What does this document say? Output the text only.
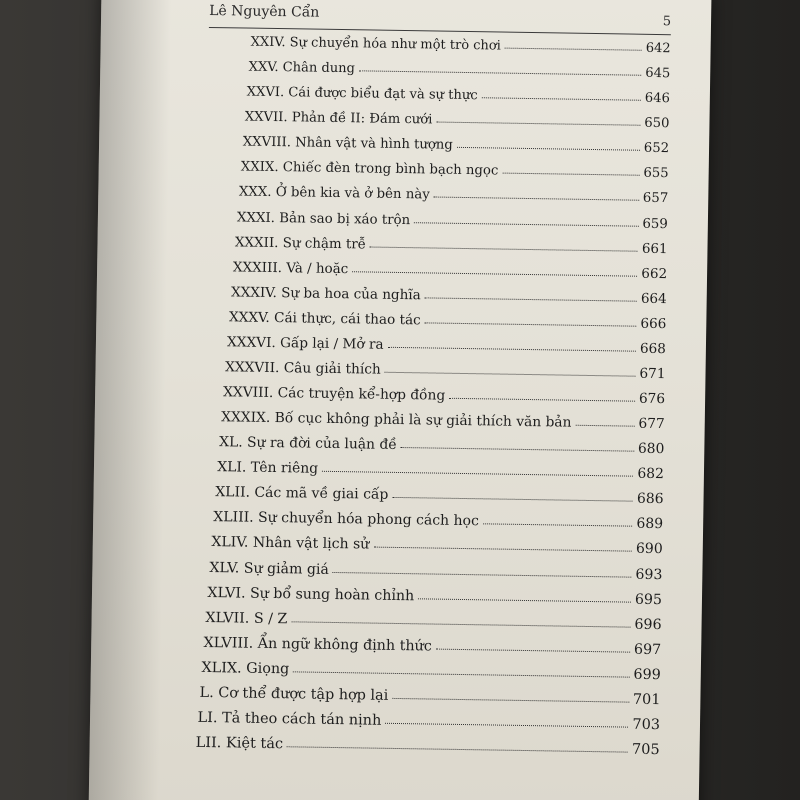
Lê Nguyên Cẩn
5
XXIV. Sự chuyển hóa như một trò chơi	642
XXV. Chân dung	645
XXVI. Cái được biểu đạt và sự thực	646
XXVII. Phản đề II: Đám cưới	650
XXVIII. Nhân vật và hình tượng	652
XXIX. Chiếc đèn trong bình bạch ngọc	655
XXX. Ở bên kia và ở bên này	657
XXXI. Bản sao bị xáo trộn	659
XXXII. Sự chậm trễ	661
XXXIII. Và / hoặc	662
XXXIV. Sự ba hoa của nghĩa	664
XXXV. Cái thực, cái thao tác	666
XXXVI. Gấp lại / Mở ra	668
XXXVII. Câu giải thích	671
XXVIII. Các truyện kể-hợp đồng	676
XXXIX. Bố cục không phải là sự giải thích văn bản	677
XL. Sự ra đời của luận đề	680
XLI. Tên riêng	682
XLII. Các mã về giai cấp	686
XLIII. Sự chuyển hóa phong cách học	689
XLIV. Nhân vật lịch sử	690
XLV. Sự giảm giá	693
XLVI. Sự bổ sung hoàn chỉnh	695
XLVII. S / Z	696
XLVIII. Ẩn ngữ không định thức	697
XLIX. Giọng	699
L. Cơ thể được tập hợp lại	701
LI. Tả theo cách tán nịnh	703
LII. Kiệt tác	705
